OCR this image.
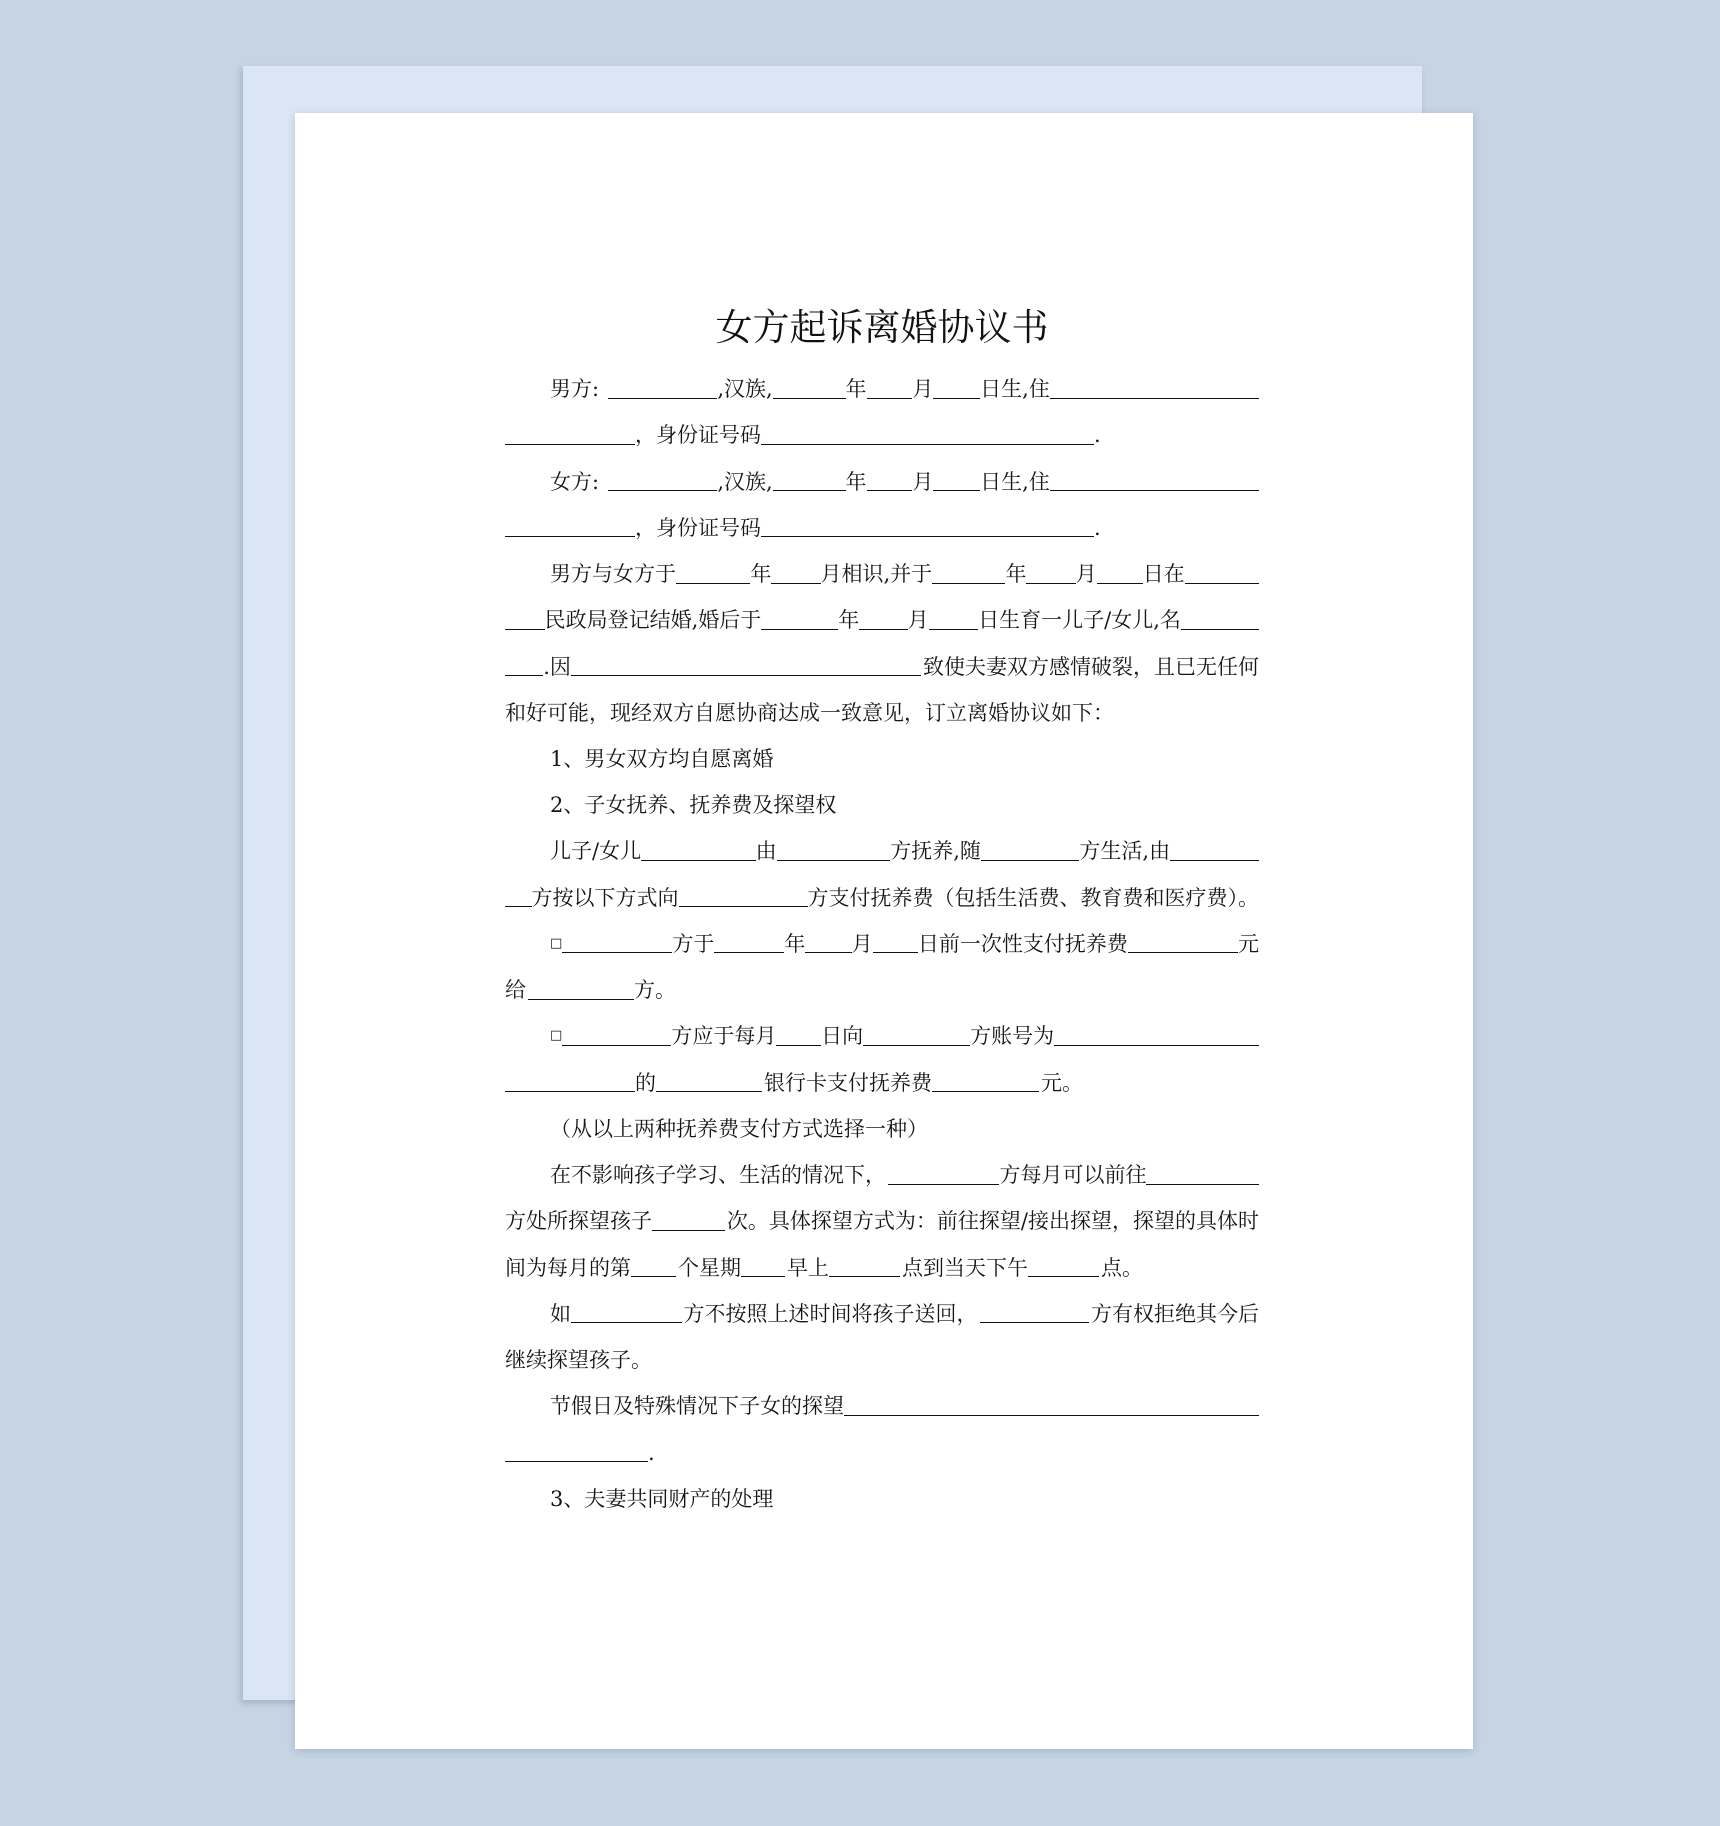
女方起诉离婚协议书
男方:	,汉族,	年 月 日生,住
，身份证号码	.
女方:	,汉族,	年 月 日生,住
，身份证号码	.
男方与女方于	年 月相识,并于	年 月 日在
民政局登记结婚,婚后于	年 月 日生育一儿子/女儿,名
.因	致使夫妻双方感情破裂，且已无任何
和好可能，现经双方自愿协商达成一致意见，订立离婚协议如下：
1、男女双方均自愿离婚
2、子女抚养、抚养费及探望权
儿子/女儿	由	方抚养,随	方生活,由
方按以下方式向	方支付抚养费（包括生活费、教育费和医疗费）。
□	方于	年 月 日前一次性支付抚养费	元
给	方。
□	方应于每月 日向	方账号为
的	银行卡支付抚养费	元。
（从以上两种抚养费支付方式选择一种）
在不影响孩子学习、生活的情况下，	方每月可以前往
方处所探望孩子	次。具体探望方式为：前往探望/接出探望，探望的具体时
间为每月的第 个星期 早上	点到当天下午	点。
如	方不按照上述时间将孩子送回，	方有权拒绝其今后
继续探望孩子。
节假日及特殊情况下子女的探望
.
3、夫妻共同财产的处理
